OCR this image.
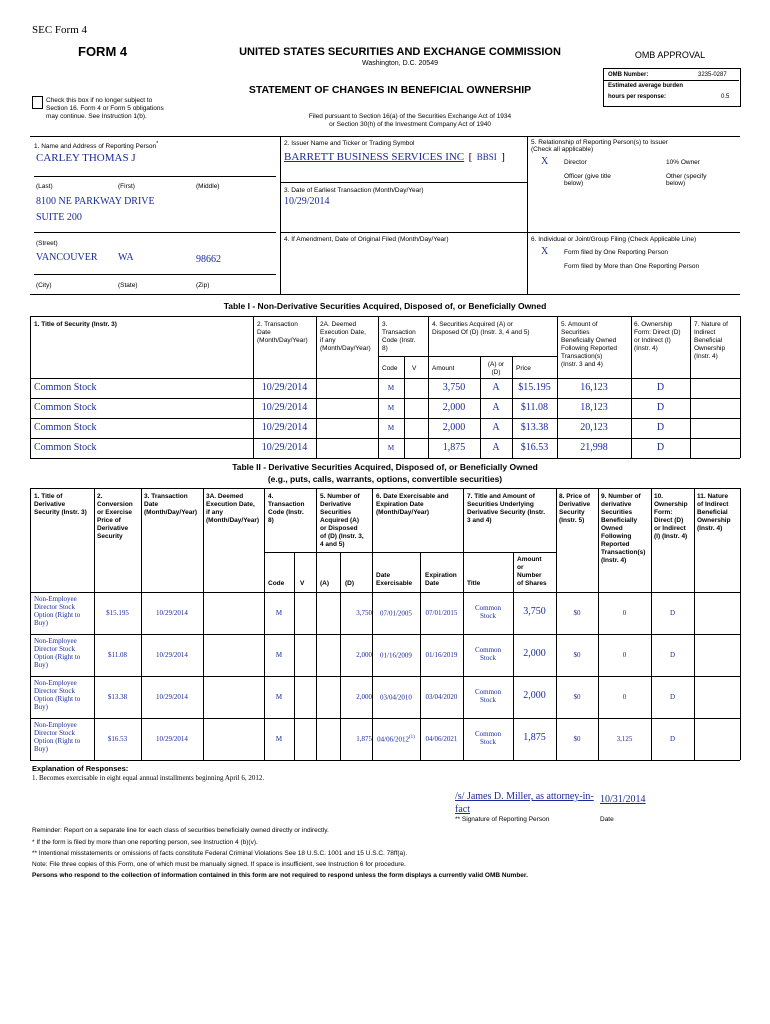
SEC Form 4
FORM 4	UNITED STATES SECURITIES AND EXCHANGE COMMISSION
Washington, D.C. 20549
OMB APPROVAL
OMB Number:	3235-0287
Estimated average burden
hours per response:	0.5
STATEMENT OF CHANGES IN BENEFICIAL OWNERSHIP
Check this box if no longer subject to
Section 16. Form 4 or Form 5 obligations
may continue. See Instruction 1(b).	Filed pursuant to Section 16(a) of the Securities Exchange Act of 1934
or Section 30(h) of the Investment Company Act of 1940
1. Name and Address of Reporting Person*
CARLEY THOMAS J
(Last)	(First)	(Middle)
8100 NE PARKWAY DRIVE
SUITE 200
(Street)
VANCOUVER WA	98662
(City)	(State)	(Zip)
2. Issuer Name and Ticker or Trading Symbol
BARRETT BUSINESS SERVICES INC [ BBSI ]
3. Date of Earliest Transaction (Month/Day/Year)
10/29/2014
4. If Amendment, Date of Original Filed (Month/Day/Year)
5. Relationship of Reporting Person(s) to Issuer
(Check all applicable)
X Director	10% Owner
Officer (give title
below)
Other (specify
below)
6. Individual or Joint/Group Filing (Check Applicable Line)
X Form filed by One Reporting Person
Form filed by More than One Reporting Person
Table I - Non-Derivative Securities Acquired, Disposed of, or Beneficially Owned
1. Title of Security (Instr. 3)	2. Transaction
Date
(Month/Day/Year)
2A. Deemed
Execution Date,
if any
(Month/Day/Year)
3.
Transaction
Code (Instr.
8)
4. Securities Acquired (A) or
Disposed Of (D) (Instr. 3, 4 and 5)
5. Amount of
Securities
Beneficially Owned
Following Reported
Transaction(s)
(Instr. 3 and 4)
6. Ownership
Form: Direct (D)
or Indirect (I)
(Instr. 4)
7. Nature of
Indirect
Beneficial
Ownership
(Instr. 4)
Code V Amount
(A) or
(D)
Price
Common Stock	10/29/2014	M	3,750	A	$15.195	16,123	D
Common Stock	10/29/2014	M	2,000	A	$11.08	18,123	D
Common Stock	10/29/2014	M	2,000	A	$13.38	20,123	D
Common Stock	10/29/2014	M	1,875	A	$16.53	21,998	D
Table II - Derivative Securities Acquired, Disposed of, or Beneficially Owned
(e.g., puts, calls, warrants, options, convertible securities)
1. Title of
Derivative
Security (Instr. 3)
2.
Conversion
or Exercise
Price of
Derivative
Security
3. Transaction
Date
(Month/Day/Year)
3A. Deemed
Execution Date,
if any
(Month/Day/Year)
4.
Transaction
Code (Instr.
8)
5. Number of
Derivative
Securities
Acquired (A)
or Disposed
of (D) (Instr. 3,
4 and 5)
6. Date Exercisable and
Expiration Date
(Month/Day/Year)
7. Title and Amount of
Securities Underlying
Derivative Security (Instr.
3 and 4)
8. Price of
Derivative
Security
(Instr. 5)
9. Number of
derivative
Securities
Beneficially
Owned
Following
Reported
Transaction(s)
(Instr. 4)
10.
Ownership
Form:
Direct (D)
or Indirect
(I) (Instr. 4)
11. Nature
of Indirect
Beneficial
Ownership
(Instr. 4)
Code V (A) (D)
Date
Exercisable
Expiration
Date	Title
Amount
or
Number
of Shares
Non-Employee
Director Stock
Option (Right to
Buy)
$15.195	10/29/2014	M	3,750	07/01/2005	07/01/2015
Common
Stock	3,750	$0	0	D
Non-Employee
Director Stock
Option (Right to
Buy)
$11.08	10/29/2014	M	2,000	01/16/2009	01/16/2019
Common
Stock	2,000	$0	0	D
Non-Employee
Director Stock
Option (Right to
Buy)
$13.38	10/29/2014	M	2,000	03/04/2010	03/04/2020
Common
Stock	2,000	$0	0	D
Non-Employee
Director Stock
Option (Right to
Buy)
$16.53	10/29/2014	M	1,875 04/06/2012$^{(1)}$	04/06/2021
Common
Stock	1,875	$0	3,125	D
Explanation of Responses:
1. Becomes exercisable in eight equal annual installments beginning April 6, 2012.
/s/ James D. Miller, as attorney-in-
fact
10/31/2014
** Signature of Reporting Person	Date
Reminder: Report on a separate line for each class of securities beneficially owned directly or indirectly.
* If the form is filed by more than one reporting person, see Instruction 4 (b)(v).
** Intentional misstatements or omissions of facts constitute Federal Criminal Violations See 18 U.S.C. 1001 and 15 U.S.C. 78ff(a).
Note: File three copies of this Form, one of which must be manually signed. If space is insufficient, see Instruction 6 for procedure.
Persons who respond to the collection of information contained in this form are not required to respond unless the form displays a currently valid OMB Number.
